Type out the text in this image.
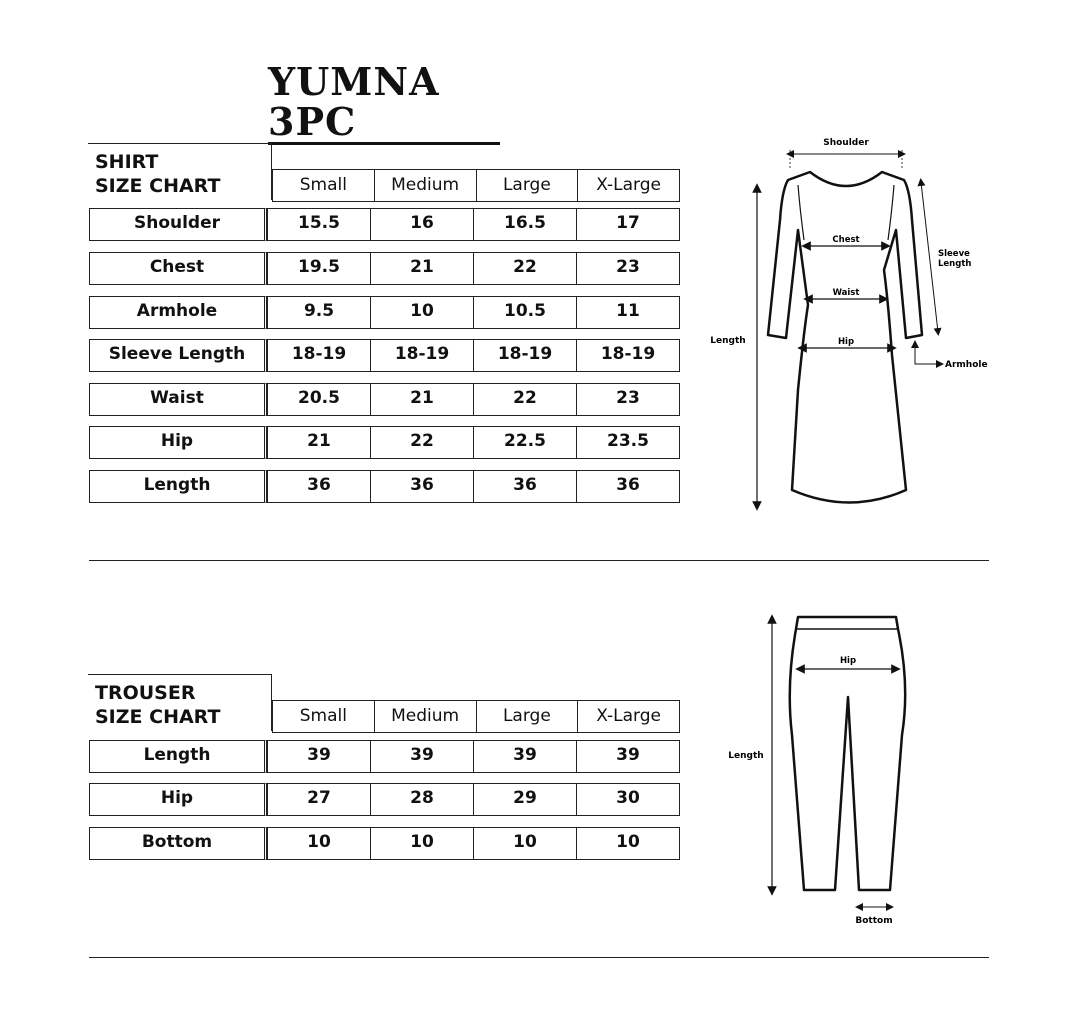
YUMNA 3PC
SHIRT
SIZE CHART	Small	Medium	Large	X-Large
Shoulder	15.5	16	16.5	17
Chest	19.5	21	22	23
Armhole	9.5	10	10.5	11
Sleeve Length	18-19	18-19	18-19	18-19
Waist	20.5	21	22	23
Hip	21	22	22.5	23.5
Length	36	36	36	36
Shoulder
Chest
Waist
Hip
Length
Sleeve
Length
Armhole
TROUSER
SIZE CHART	Small	Medium	Large	X-Large
Length	39	39	39	39
Hip	27	28	29	30
Bottom	10	10	10	10
Hip
Length
Bottom
